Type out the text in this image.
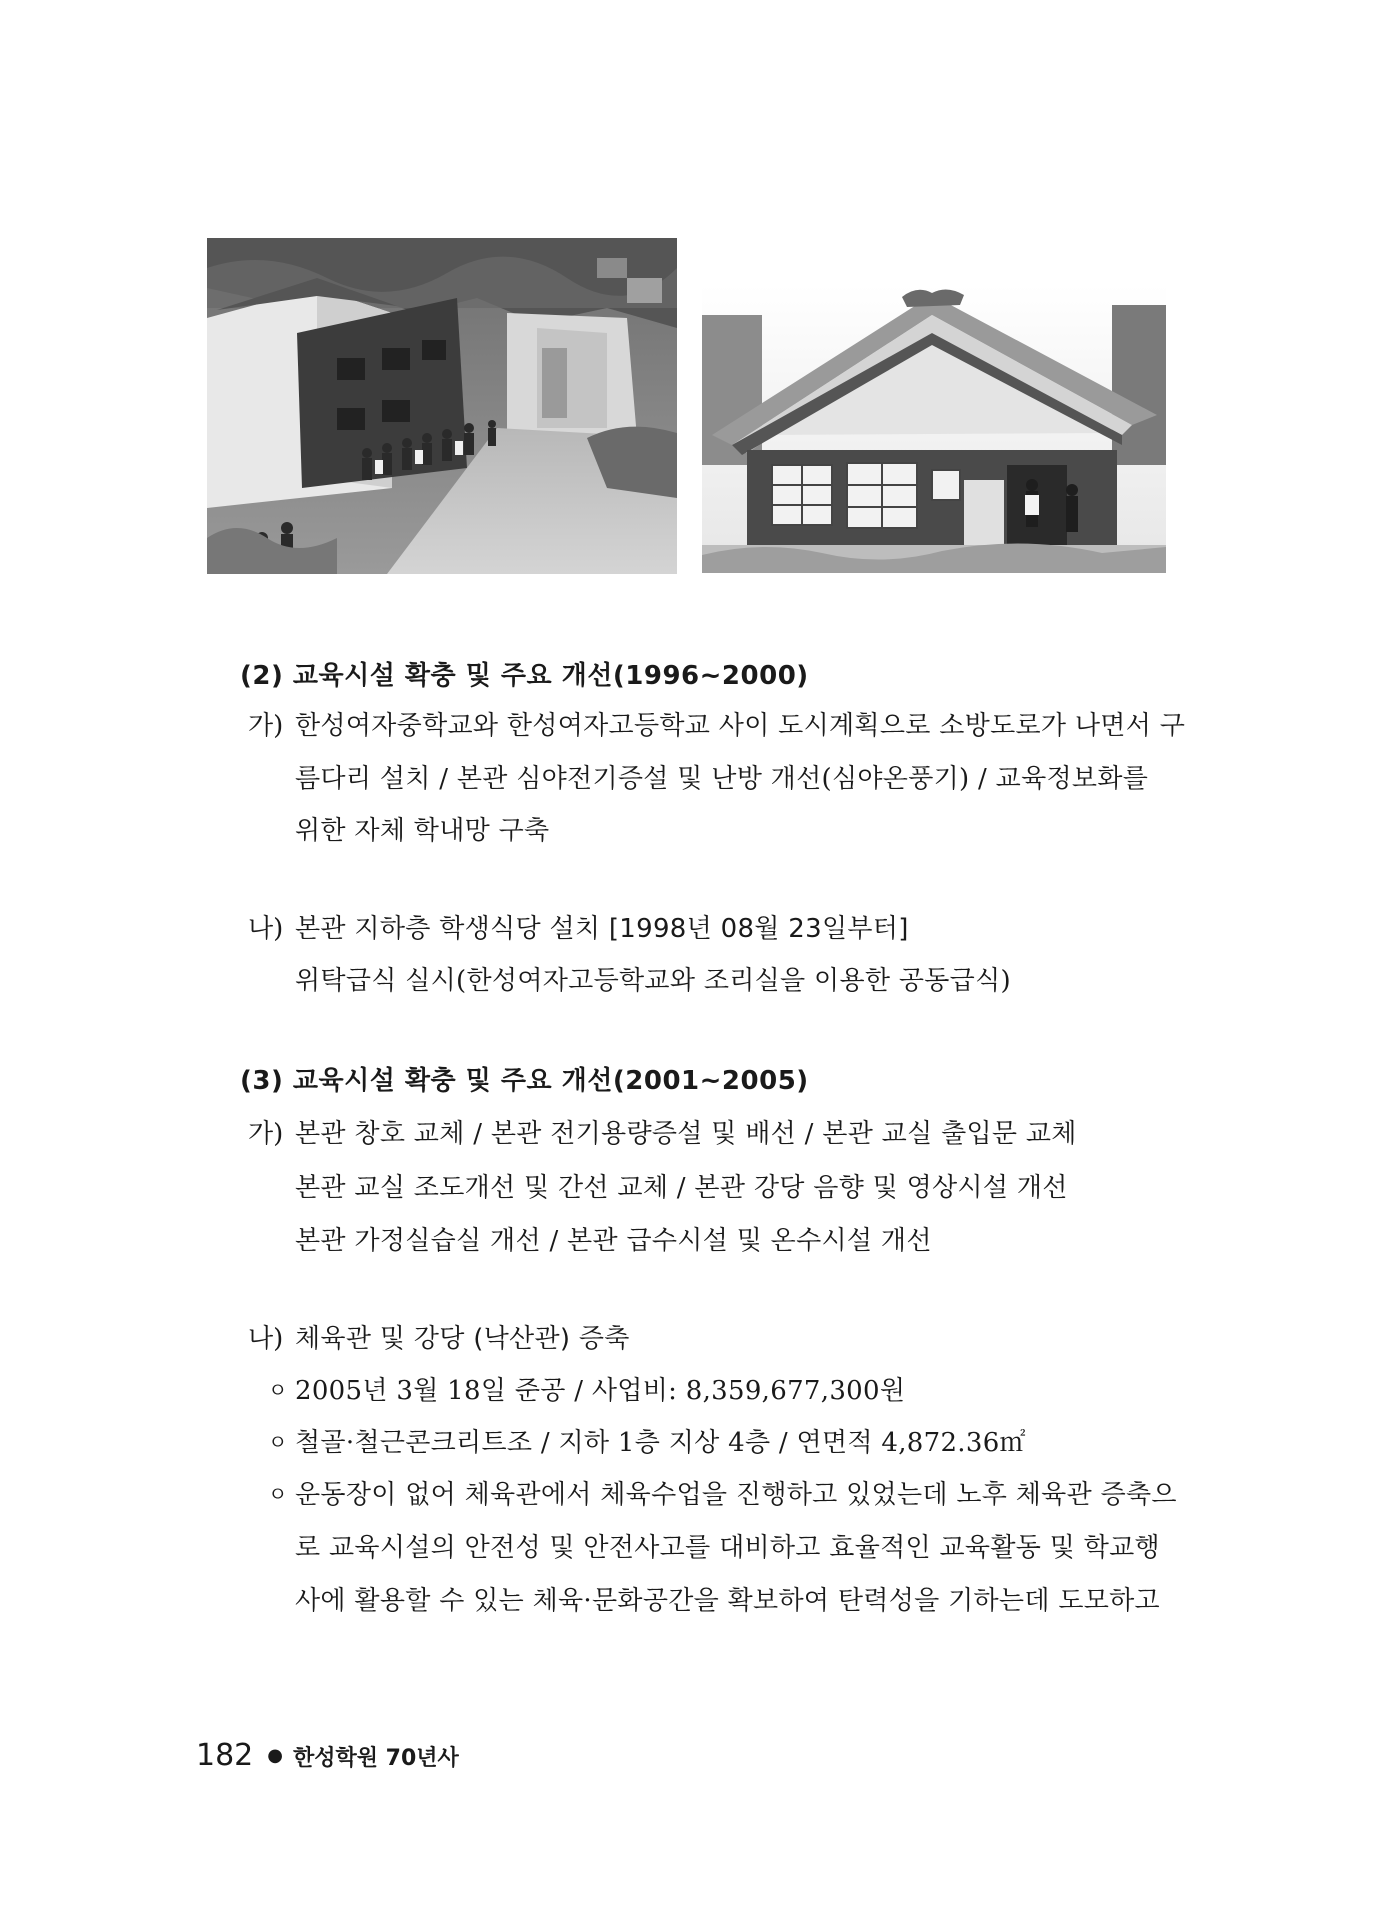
(2) 교육시설 확충 및 주요 개선(1996~2000)
가) 한성여자중학교와 한성여자고등학교 사이 도시계획으로 소방도로가 나면서 구
름다리 설치 / 본관 심야전기증설 및 난방 개선(심야온풍기) / 교육정보화를
위한 자체 학내망 구축
나) 본관 지하층 학생식당 설치 [1998년 08월 23일부터]
위탁급식 실시(한성여자고등학교와 조리실을 이용한 공동급식)
(3) 교육시설 확충 및 주요 개선(2001~2005)
가) 본관 창호 교체 / 본관 전기용량증설 및 배선 / 본관 교실 출입문 교체
본관 교실 조도개선 및 간선 교체 / 본관 강당 음향 및 영상시설 개선
본관 가정실습실 개선 / 본관 급수시설 및 온수시설 개선
나) 체육관 및 강당 (낙산관) 증축
ㅇ 2005년 3월 18일 준공 / 사업비: 8,359,677,300원
ㅇ 철골·철근콘크리트조 / 지하 1층 지상 4층 / 연면적 4,872.36㎡
ㅇ 운동장이 없어 체육관에서 체육수업을 진행하고 있었는데 노후 체육관 증축으
로 교육시설의 안전성 및 안전사고를 대비하고 효율적인 교육활동 및 학교행
사에 활용할 수 있는 체육·문화공간을 확보하여 탄력성을 기하는데 도모하고
182 ● 한성학원 70년사
